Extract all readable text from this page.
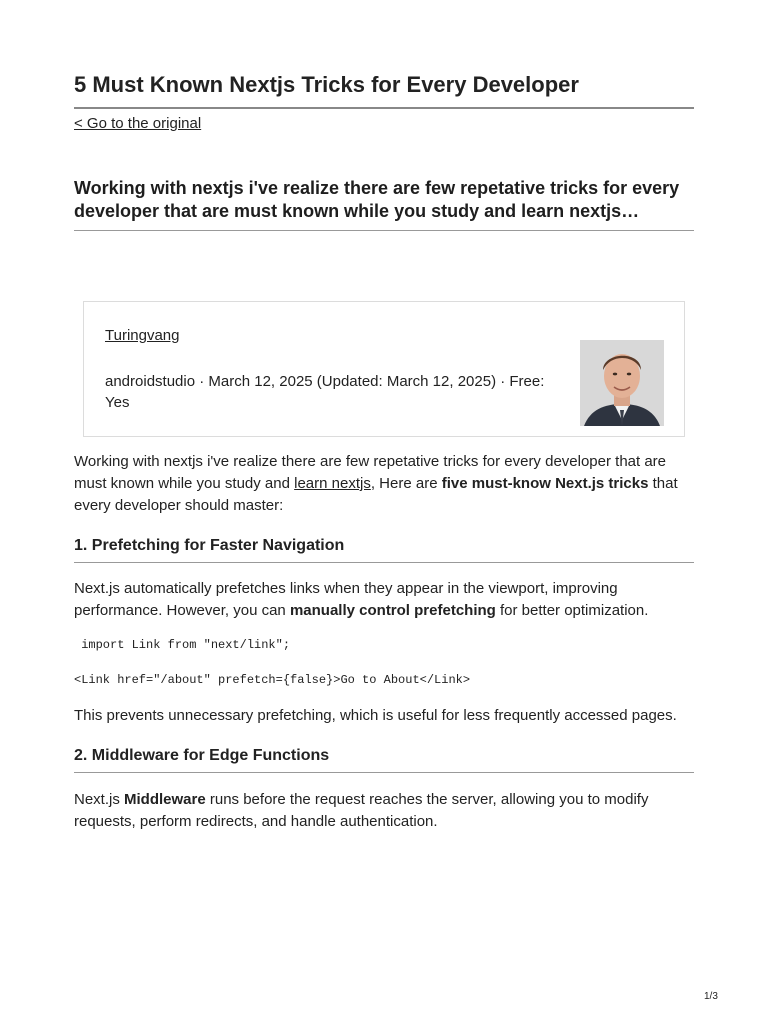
5 Must Known Nextjs Tricks for Every Developer
< Go to the original
Working with nextjs i've realize there are few repetative tricks for every developer that are must known while you study and learn nextjs…
Turingvang
androidstudio · March 12, 2025 (Updated: March 12, 2025) · Free: Yes

Working with nextjs i've realize there are few repetative tricks for every developer that are must known while you study and learn nextjs, Here are five must-know Next.js tricks that every developer should master:

1. Prefetching for Faster Navigation

Next.js automatically prefetches links when they appear in the viewport, improving performance. However, you can manually control prefetching for better optimization.

import Link from "next/link";
<Link href="/about" prefetch={false}>Go to About</Link>

This prevents unnecessary prefetching, which is useful for less frequently accessed pages.

2. Middleware for Edge Functions

Next.js Middleware runs before the request reaches the server, allowing you to modify requests, perform redirects, and handle authentication.

1/3
